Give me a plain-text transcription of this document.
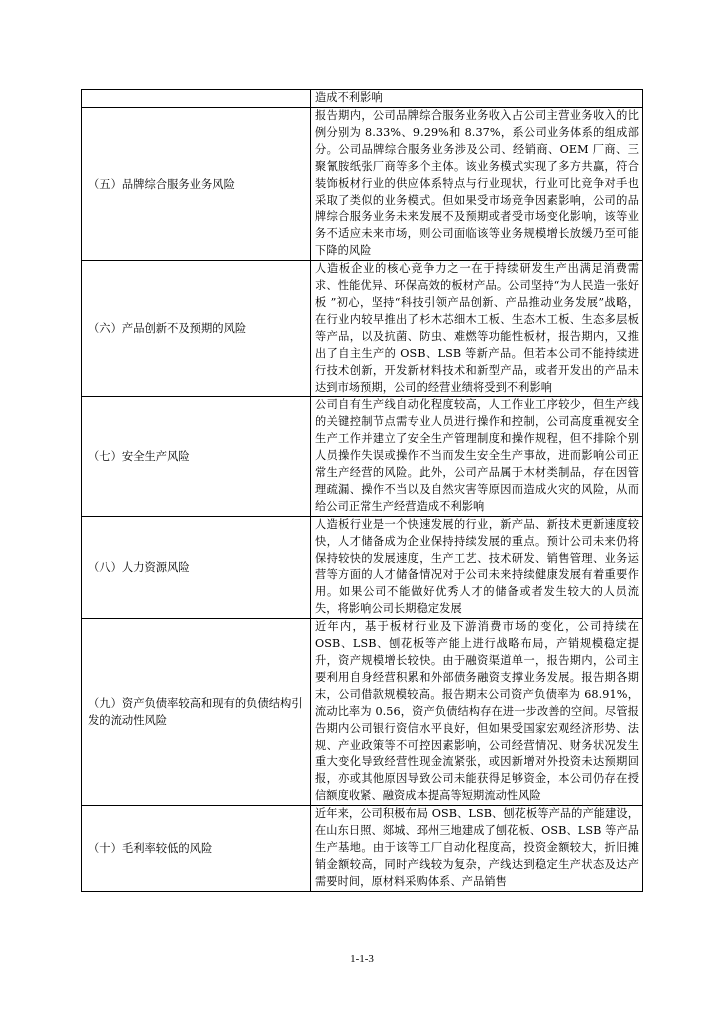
	造成不利影响

（五）品牌综合服务业务风险	报告期内，公司品牌综合服务业务收入占公司主营业务收入的比例分别为 8.33%、9.29%和 8.37%，系公司业务体系的组成部分。公司品牌综合服务业务涉及公司、经销商、OEM 厂商、三聚氰胺纸张厂商等多个主体。该业务模式实现了多方共赢，符合装饰板材行业的供应体系特点与行业现状，行业可比竞争对手也采取了类似的业务模式。但如果受市场竞争因素影响，公司的品牌综合服务业务未来发展不及预期或者受市场变化影响，该等业务不适应未来市场，则公司面临该等业务规模增长放缓乃至可能下降的风险

（六）产品创新不及预期的风险	人造板企业的核心竞争力之一在于持续研发生产出满足消费需求、性能优异、环保高效的板材产品。公司坚持“为人民造一张好板 ”初心，坚持“科技引领产品创新、产品推动业务发展”战略，在行业内较早推出了杉木芯细木工板、生态木工板、生态多层板等产品，以及抗菌、防虫、难燃等功能性板材，报告期内，又推出了自主生产的 OSB、LSB 等新产品。但若本公司不能持续进行技术创新，开发新材料技术和新型产品，或者开发出的产品未达到市场预期，公司的经营业绩将受到不利影响

（七）安全生产风险	公司自有生产线自动化程度较高，人工作业工序较少，但生产线的关键控制节点需专业人员进行操作和控制，公司高度重视安全生产工作并建立了安全生产管理制度和操作规程，但不排除个别人员操作失误或操作不当而发生安全生产事故，进而影响公司正常生产经营的风险。此外，公司产品属于木材类制品，存在因管理疏漏、操作不当以及自然灾害等原因而造成火灾的风险，从而给公司正常生产经营造成不利影响

（八）人力资源风险	人造板行业是一个快速发展的行业，新产品、新技术更新速度较快，人才储备成为企业保持持续发展的重点。预计公司未来仍将保持较快的发展速度，生产工艺、技术研发、销售管理、业务运营等方面的人才储备情况对于公司未来持续健康发展有着重要作用。如果公司不能做好优秀人才的储备或者发生较大的人员流失，将影响公司长期稳定发展

（九）资产负债率较高和现有的负债结构引发的流动性风险	近年内，基于板材行业及下游消费市场的变化，公司持续在 OSB、LSB、刨花板等产能上进行战略布局，产销规模稳定提升，资产规模增长较快。由于融资渠道单一，报告期内，公司主要利用自身经营积累和外部债务融资支撑业务发展。报告期各期末，公司借款规模较高。报告期末公司资产负债率为 68.91%，流动比率为 0.56，资产负债结构存在进一步改善的空间。尽管报告期内公司银行资信水平良好，但如果受国家宏观经济形势、法规、产业政策等不可控因素影响，公司经营情况、财务状况发生重大变化导致经营性现金流紧张，或因新增对外投资未达预期回报，亦或其他原因导致公司未能获得足够资金，本公司仍存在授信额度收紧、融资成本提高等短期流动性风险

（十）毛利率较低的风险	近年来，公司积极布局 OSB、LSB、刨花板等产品的产能建设，在山东日照、郯城、邳州三地建成了刨花板、OSB、LSB 等产品生产基地。由于该等工厂自动化程度高，投资金额较大，折旧摊销金额较高，同时产线较为复杂，产线达到稳定生产状态及达产需要时间，原材料采购体系、产品销售
1-1-3
